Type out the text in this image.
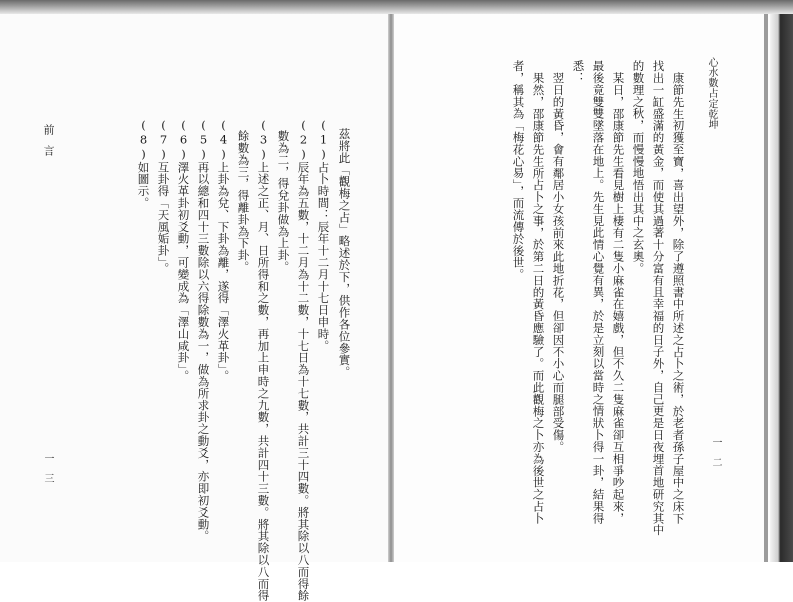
心水數占定乾坤
一二
康節先生初獲至寶，喜出望外，除了遵照書中所述之占卜之術，於老者孫子屋中之床下
找出一缸盛滿的黃金，而使其過著十分富有且幸福的日子外，自己更是日夜埋首地研究其中
的數理之秋，而慢慢地悟出其中之玄奧。
某日，邵康節先生看見樹上棲有二隻小麻雀在嬉戲，但不久二隻麻雀卻互相爭吵起來，
最後竟雙雙墜落在地上。先生見此情心覺有異，於是立刻以當時之情狀卜得一卦，結果得
悉：
翌日的黃昏，會有鄰居小女孩前來此地折花，但卻因不小心而腿部受傷。
果然，邵康節先生所占卜之事，於第二日的黃昏應驗了。而此觀梅之卜亦為後世之占卜
者，稱其為「梅花心易」，而流傳於後世。
茲將此「觀梅之占」略述於下，供作各位參實。
(1)占卜時間：辰年十二月十七日申時。
(2)辰年為五數，十二月為十二數，十七日為十七數，共計三十四數。將其除以八而得餘
數為二，得兌卦做為上卦。
(3)上述之正、月、日所得和之數，再加上申時之九數，共計四十三數。將其除以八而得
餘數為三，得離卦為下卦。
(4)上卦為兌、下卦為離，遂得「澤火革卦」。
(5)再以總和四十三數除以六得除數為一，做為所求卦之動爻，亦即初爻動。
(6)澤火革卦初爻動，可變成為「澤山咸卦」。
(7)互卦得「天風姤卦」。
(8)如圖示。
前言
一三
